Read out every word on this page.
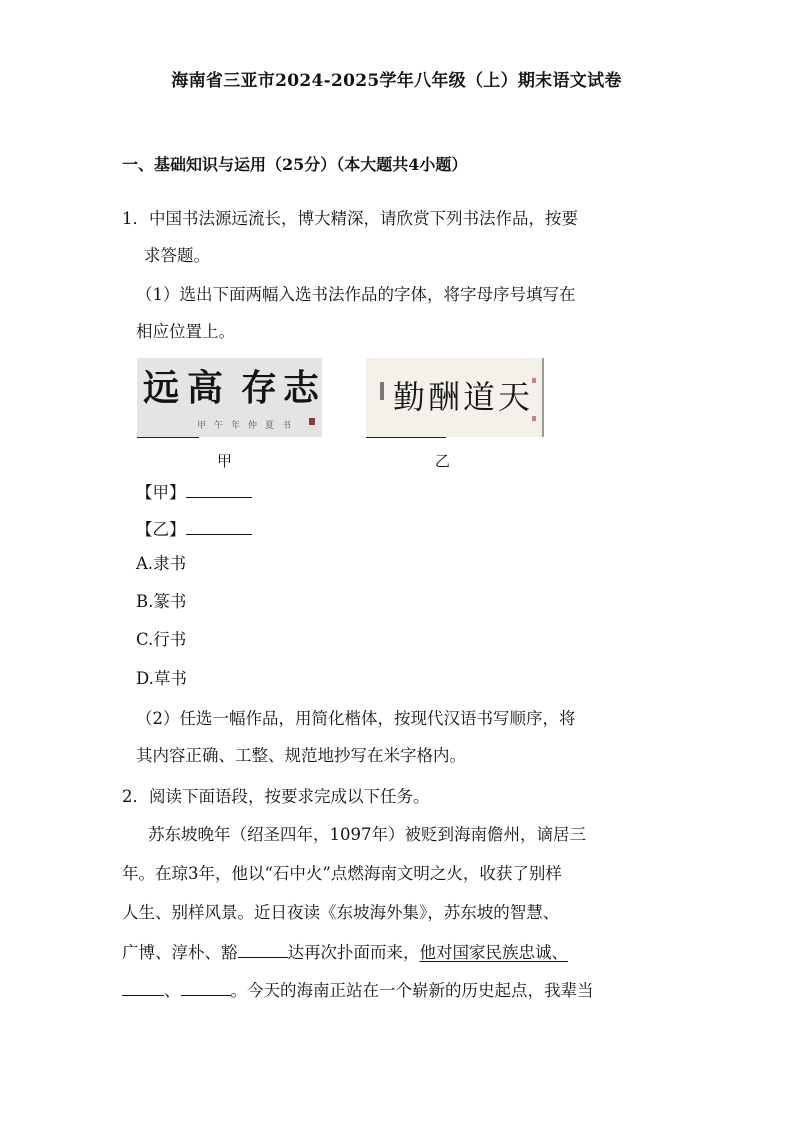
海南省三亚市2024-2025学年八年级（上）期末语文试卷
一、基础知识与运用（25分）（本大题共4小题）
1．中国书法源远流长，博大精深，请欣赏下列书法作品，按要
求答题。
（1）选出下面两幅入选书法作品的字体，将字母序号填写在
相应位置上。
志
存
高
远
甲午年仲夏书
天
道
酬
勤
甲	乙
【甲】
【乙】
A.隶书
B.篆书
C.行书
D.草书
（2）任选一幅作品，用简化楷体，按现代汉语书写顺序，将
其内容正确、工整、规范地抄写在米字格内。
2．阅读下面语段，按要求完成以下任务。
苏东坡晚年（绍圣四年，1097年）被贬到海南儋州，谪居三
年。在琼3年，他以“石中火”点燃海南文明之火，收获了别样
人生、别样风景。近日夜读《东坡海外集》，苏东坡的智慧、
广博、淳朴、豁	达再次扑面而来，他对国家民族忠诚、
、	。今天的海南正站在一个崭新的历史起点，我辈当
